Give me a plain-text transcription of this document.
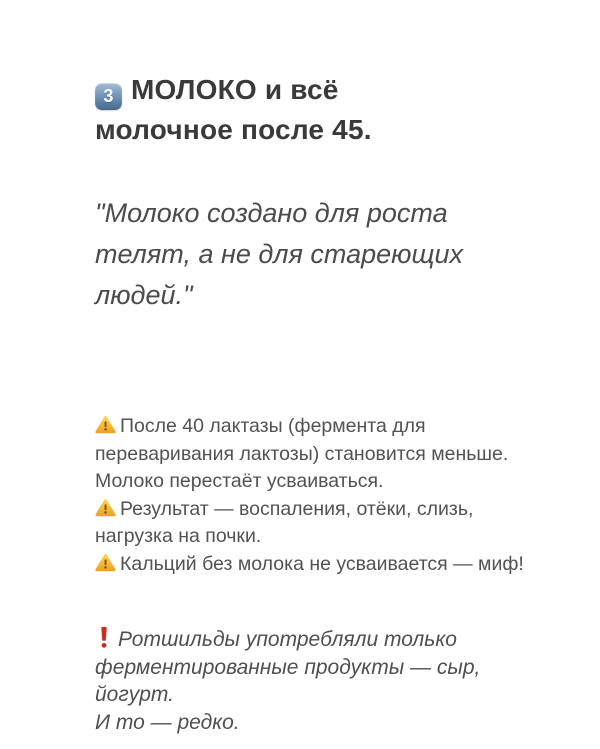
3 МОЛОКО и всё
молочное после 45.
"Молоко создано для роста
телят, а не для стареющих
людей."

После 40 лактазы (фермента для
переваривания лактозы) становится меньше.
Молоко перестаёт усваиваться.

Результат — воспаления, отёки, слизь,
нагрузка на почки.

Кальций без молока не усваивается — миф!

Ротшильды употребляли только
ферментированные продукты — сыр, йогурт.
И то — редко.
